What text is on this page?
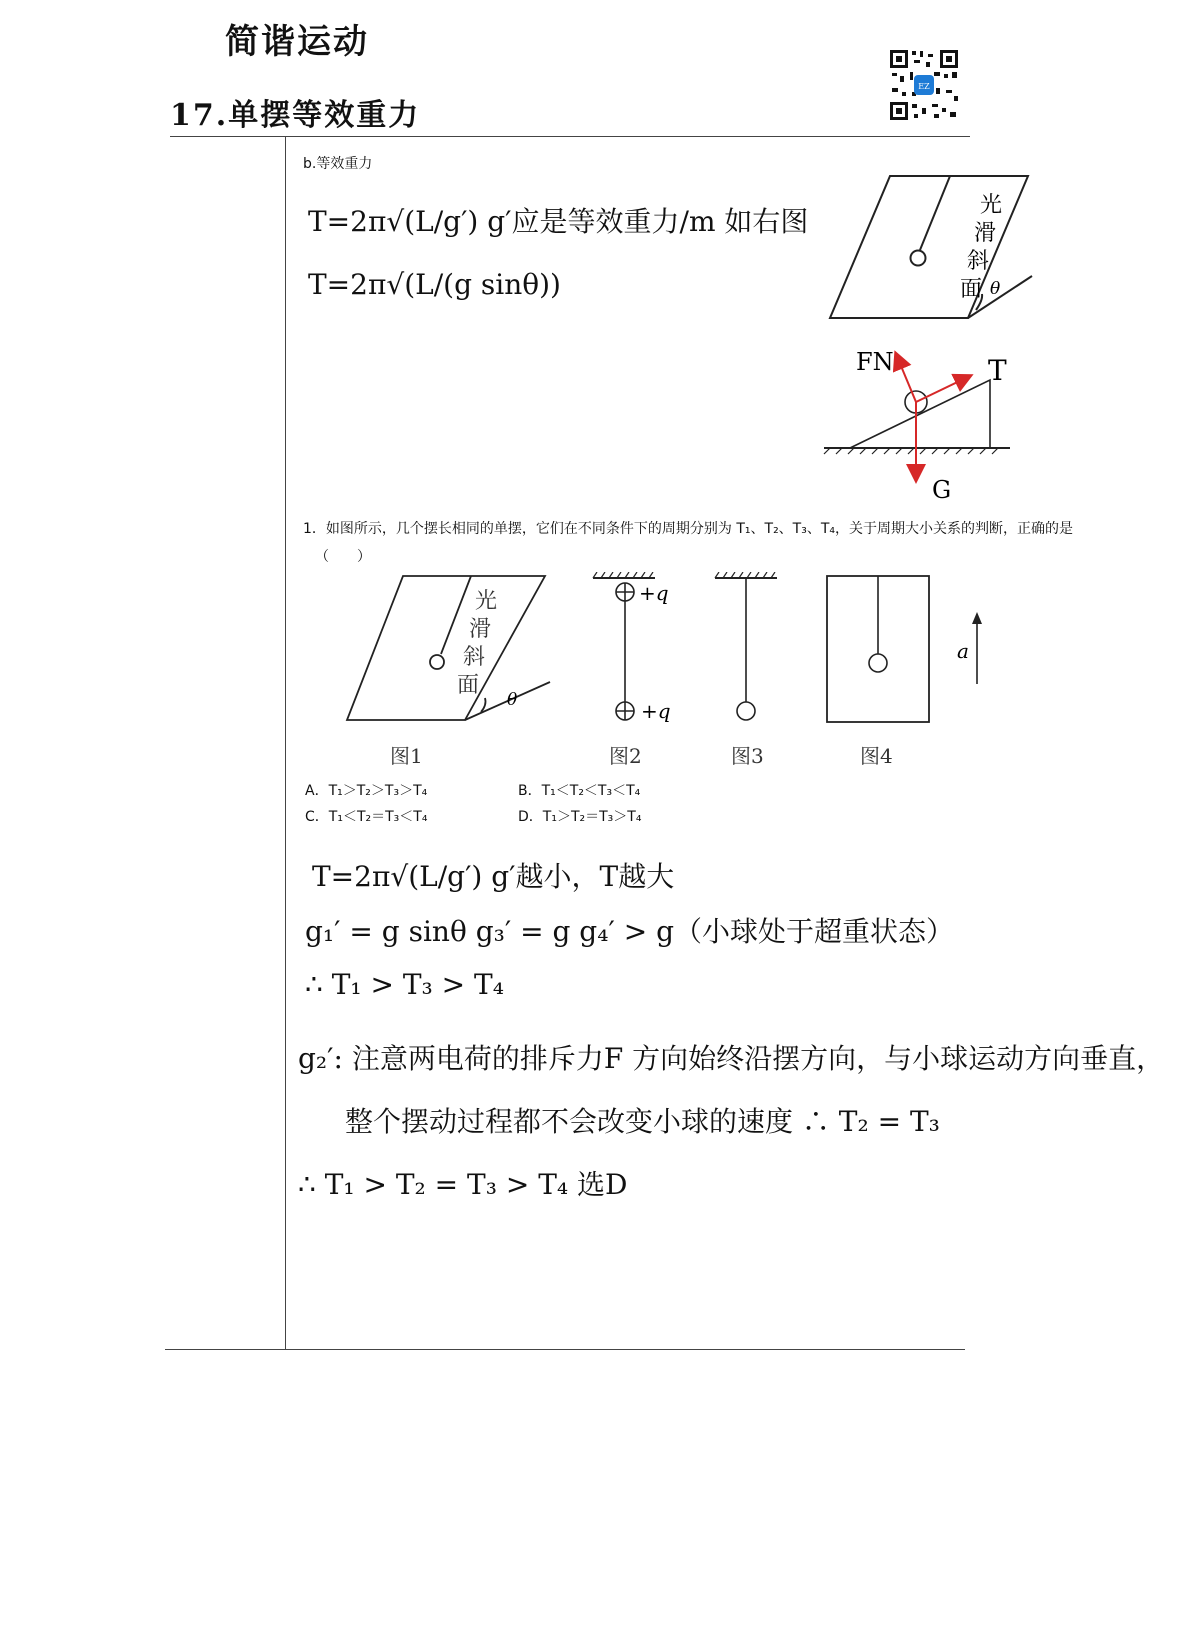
简谐运动
17.单摆等效重力
EZ
b.等效重力
T=2π√(L/g′) g′应是等效重力/m 如右图
T=2π√(L/(g sinθ))
光
滑
斜
面 θ
FN	T
G
1．如图所示，几个摆长相同的单摆，它们在不同条件下的周期分别为 T₁、T₂、T₃、T₄，关于周期大小关系的判断，正确的是
（　　）
光
滑
斜
面
θ
图1
+q
+q
图2	图3
a
图4
A．T₁＞T₂＞T₃＞T₄	B．T₁＜T₂＜T₃＜T₄
C．T₁＜T₂＝T₃＜T₄	D．T₁＞T₂＝T₃＞T₄
T=2π√(L/g′) g′越小，T越大
g₁′ = g sinθ g₃′ = g g₄′ > g（小球处于超重状态）
∴ T₁ > T₃ > T₄
g₂′: 注意两电荷的排斥力F 方向始终沿摆方向，与小球运动方向垂直，
整个摆动过程都不会改变小球的速度 ∴ T₂ = T₃
∴ T₁ > T₂ = T₃ > T₄ 选D
